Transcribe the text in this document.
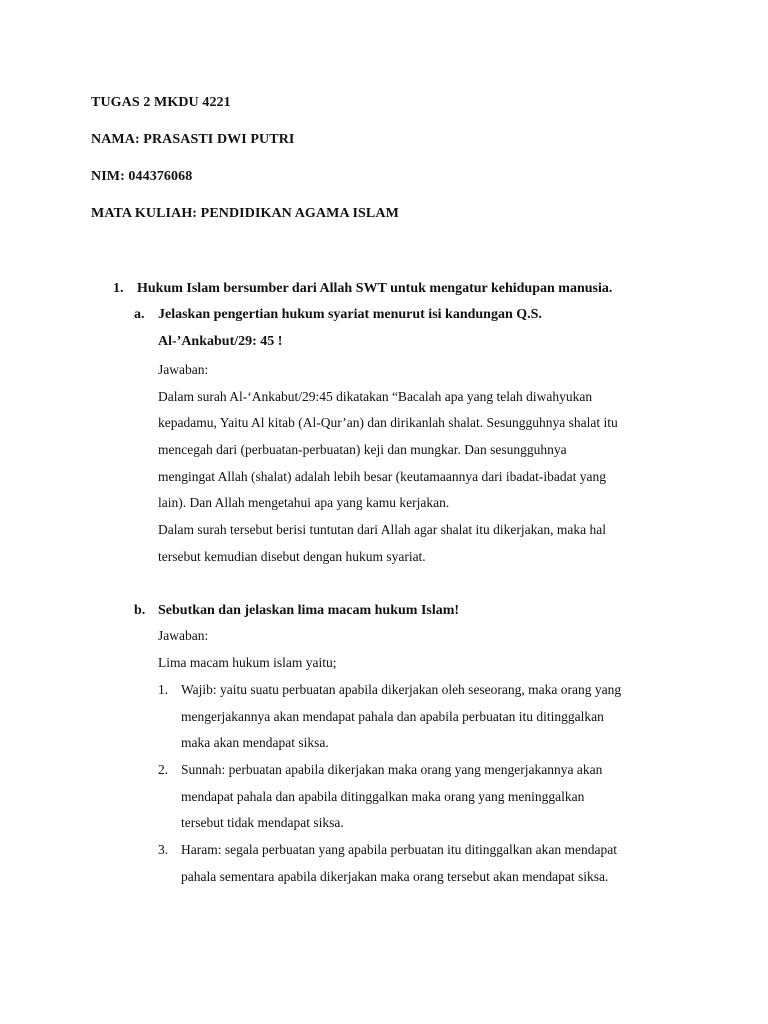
TUGAS 2 MKDU 4221
NAMA: PRASASTI DWI PUTRI
NIM: 044376068
MATA KULIAH: PENDIDIKAN AGAMA ISLAM
1. Hukum Islam bersumber dari Allah SWT untuk mengatur kehidupan manusia.
a. Jelaskan pengertian hukum syariat menurut isi kandungan Q.S.
Al-’Ankabut/29: 45 !
Jawaban:
Dalam surah Al-‘Ankabut/29:45 dikatakan “Bacalah apa yang telah diwahyukan
kepadamu, Yaitu Al kitab (Al-Qur’an) dan dirikanlah shalat. Sesungguhnya shalat itu
mencegah dari (perbuatan-perbuatan) keji dan mungkar. Dan sesungguhnya
mengingat Allah (shalat) adalah lebih besar (keutamaannya dari ibadat-ibadat yang
lain). Dan Allah mengetahui apa yang kamu kerjakan.
Dalam surah tersebut berisi tuntutan dari Allah agar shalat itu dikerjakan, maka hal
tersebut kemudian disebut dengan hukum syariat.
b. Sebutkan dan jelaskan lima macam hukum Islam!
Jawaban:
Lima macam hukum islam yaitu;
1. Wajib: yaitu suatu perbuatan apabila dikerjakan oleh seseorang, maka orang yang
mengerjakannya akan mendapat pahala dan apabila perbuatan itu ditinggalkan
maka akan mendapat siksa.
2. Sunnah: perbuatan apabila dikerjakan maka orang yang mengerjakannya akan
mendapat pahala dan apabila ditinggalkan maka orang yang meninggalkan
tersebut tidak mendapat siksa.
3. Haram: segala perbuatan yang apabila perbuatan itu ditinggalkan akan mendapat
pahala sementara apabila dikerjakan maka orang tersebut akan mendapat siksa.
